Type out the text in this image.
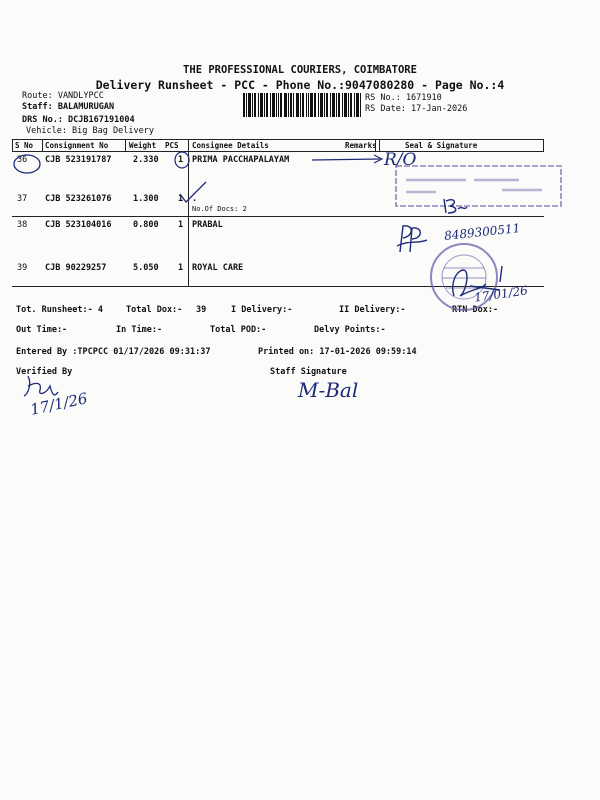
THE PROFESSIONAL COURIERS, COIMBATORE
Delivery Runsheet - PCC - Phone No.:9047080280 - Page No.:4
Route: VANDLYPCC
Staff: BALAMURUGAN
DRS No.: DCJB167191004
Vehicle: Big Bag Delivery
RS No.: 1671910
RS Date: 17-Jan-2026
S No Consignment No	Weight PCS Consignee Details	Remarks	Seal & Signature
36 CJB 523191787	2.330 1 PRIMA PACCHAPALAYAM
37 CJB 523261076	1.300 1 .
No.Of Docs: 2
38 CJB 523104016	0.800 1 PRABAL
39 CJB 90229257	5.050 1 ROYAL CARE
Tot. Runsheet:- 4	Total Dox:- 39	I Delivery:-	II Delivery:-	RTN Dox:-
Out Time:-	In Time:-	Total POD:-	Delvy Points:-
Entered By :TPCPCC 01/17/2026 09:31:37	Printed on: 17-01-2026 09:59:14
Verified By	Staff Signature
R/O
8489300511
17/01/26
17/1/26	M-Bal
